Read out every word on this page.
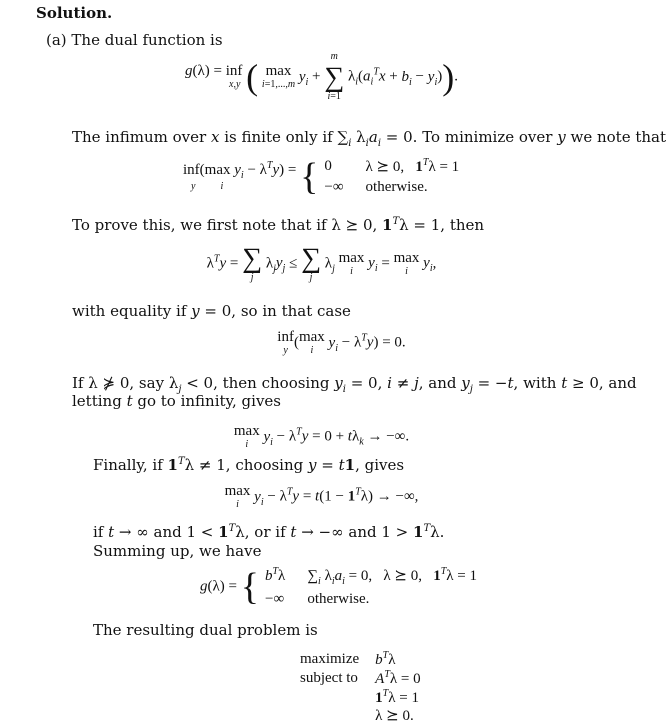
Solution.
(a) The dual function is
g(λ) = inf
x,y ( max
i=1,...,m $y_i$ +
m
∑
i=1
$\lambda_i(a_i^Tx + b_i - y_i)$).
The infimum over x is finite only if $\sum_i$ $\lambda_ia_i = 0$. To minimize over y we note that
inf(max $y_i - \lambda^Ty$) =
y	i
{ 0	λ ⪰ 0,   $1^T\lambda = 1$
−∞ otherwise.
To prove this, we first note that if λ ⪰ 0, $1^T\lambda = 1$, then
$\lambda^Ty$ = ∑
j
$\lambda_jy_j$ ≤ ∑
j
$\lambda_j$
max
i $y_i = \max$
i $y_i$,
with equality if y = 0, so in that case
inf
y ( max
i $y_i - \lambda^Ty) = 0$.
If λ ⋡ 0, say $\lambda_j < 0$, then choosing $y_i = 0$, i ≠ j, and $y_j = -t$, with t ≥ 0, and
letting t go to infinity, gives
max
i $y_i - \lambda^Ty = 0 + t\lambda_k$ → −∞.
Finally, if $1^T\lambda \ne 1$, choosing y = t1, gives
max
i $y_i - \lambda^Ty = t(1 - 1^T\lambda)$ → −∞,
if t → ∞ and $1 < 1^T\lambda$, or if t → −∞ and $1 > 1^T\lambda$.
Summing up, we have
g(λ) = { $b^T\lambda$ $\sum_i$ $\lambda_ia_i = 0$,   λ ⪰ 0,   $1^T\lambda = 1$
−∞ otherwise.
The resulting dual problem is
maximize $b^T\lambda$
subject to $A^T\lambda = 0$
$1^T\lambda = 1$
λ ⪰ 0.
